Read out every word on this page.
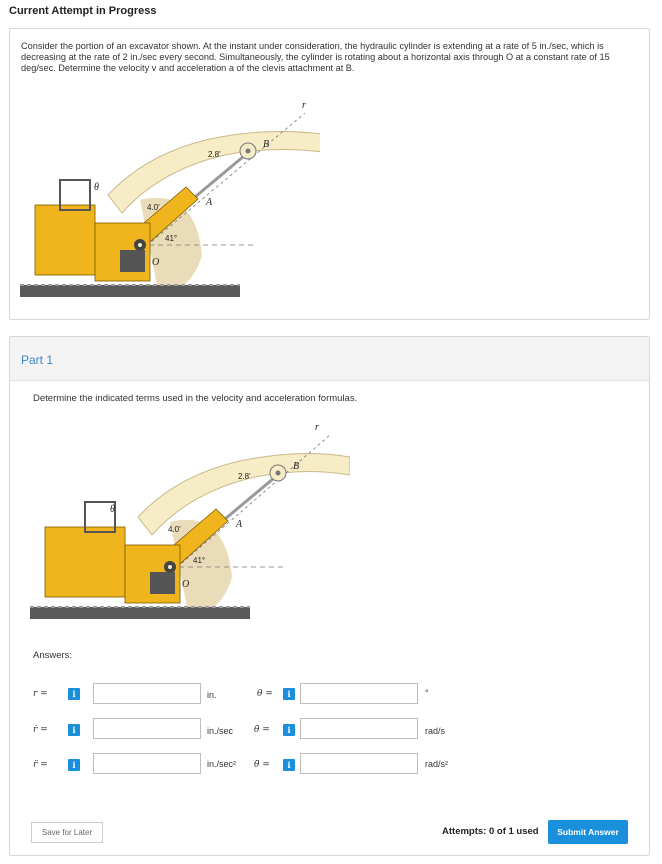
Current Attempt in Progress
Consider the portion of an excavator shown. At the instant under consideration, the hydraulic cylinder is extending at a rate of 5 in./sec, which is decreasing at the rate of 2 in./sec every second. Simultaneously, the cylinder is rotating about a horizontal axis through O at a constant rate of 15 deg/sec. Determine the velocity v and acceleration a of the clevis attachment at B.
r
B
A
O
θ
2.8'
4.0'
41°
Part 1
Determine the indicated terms used in the velocity and acceleration formulas.
r
B
A
O
θ
2.8'
4.0'
41°
Answers:
r =	i	in.	θ =	i	°
ṙ =	i	in./sec θ̇ =	i	rad/s
r̈ =	i	in./sec² θ̈ =	i	rad/s²
Save for Later	Attempts: 0 of 1 used	Submit Answer
